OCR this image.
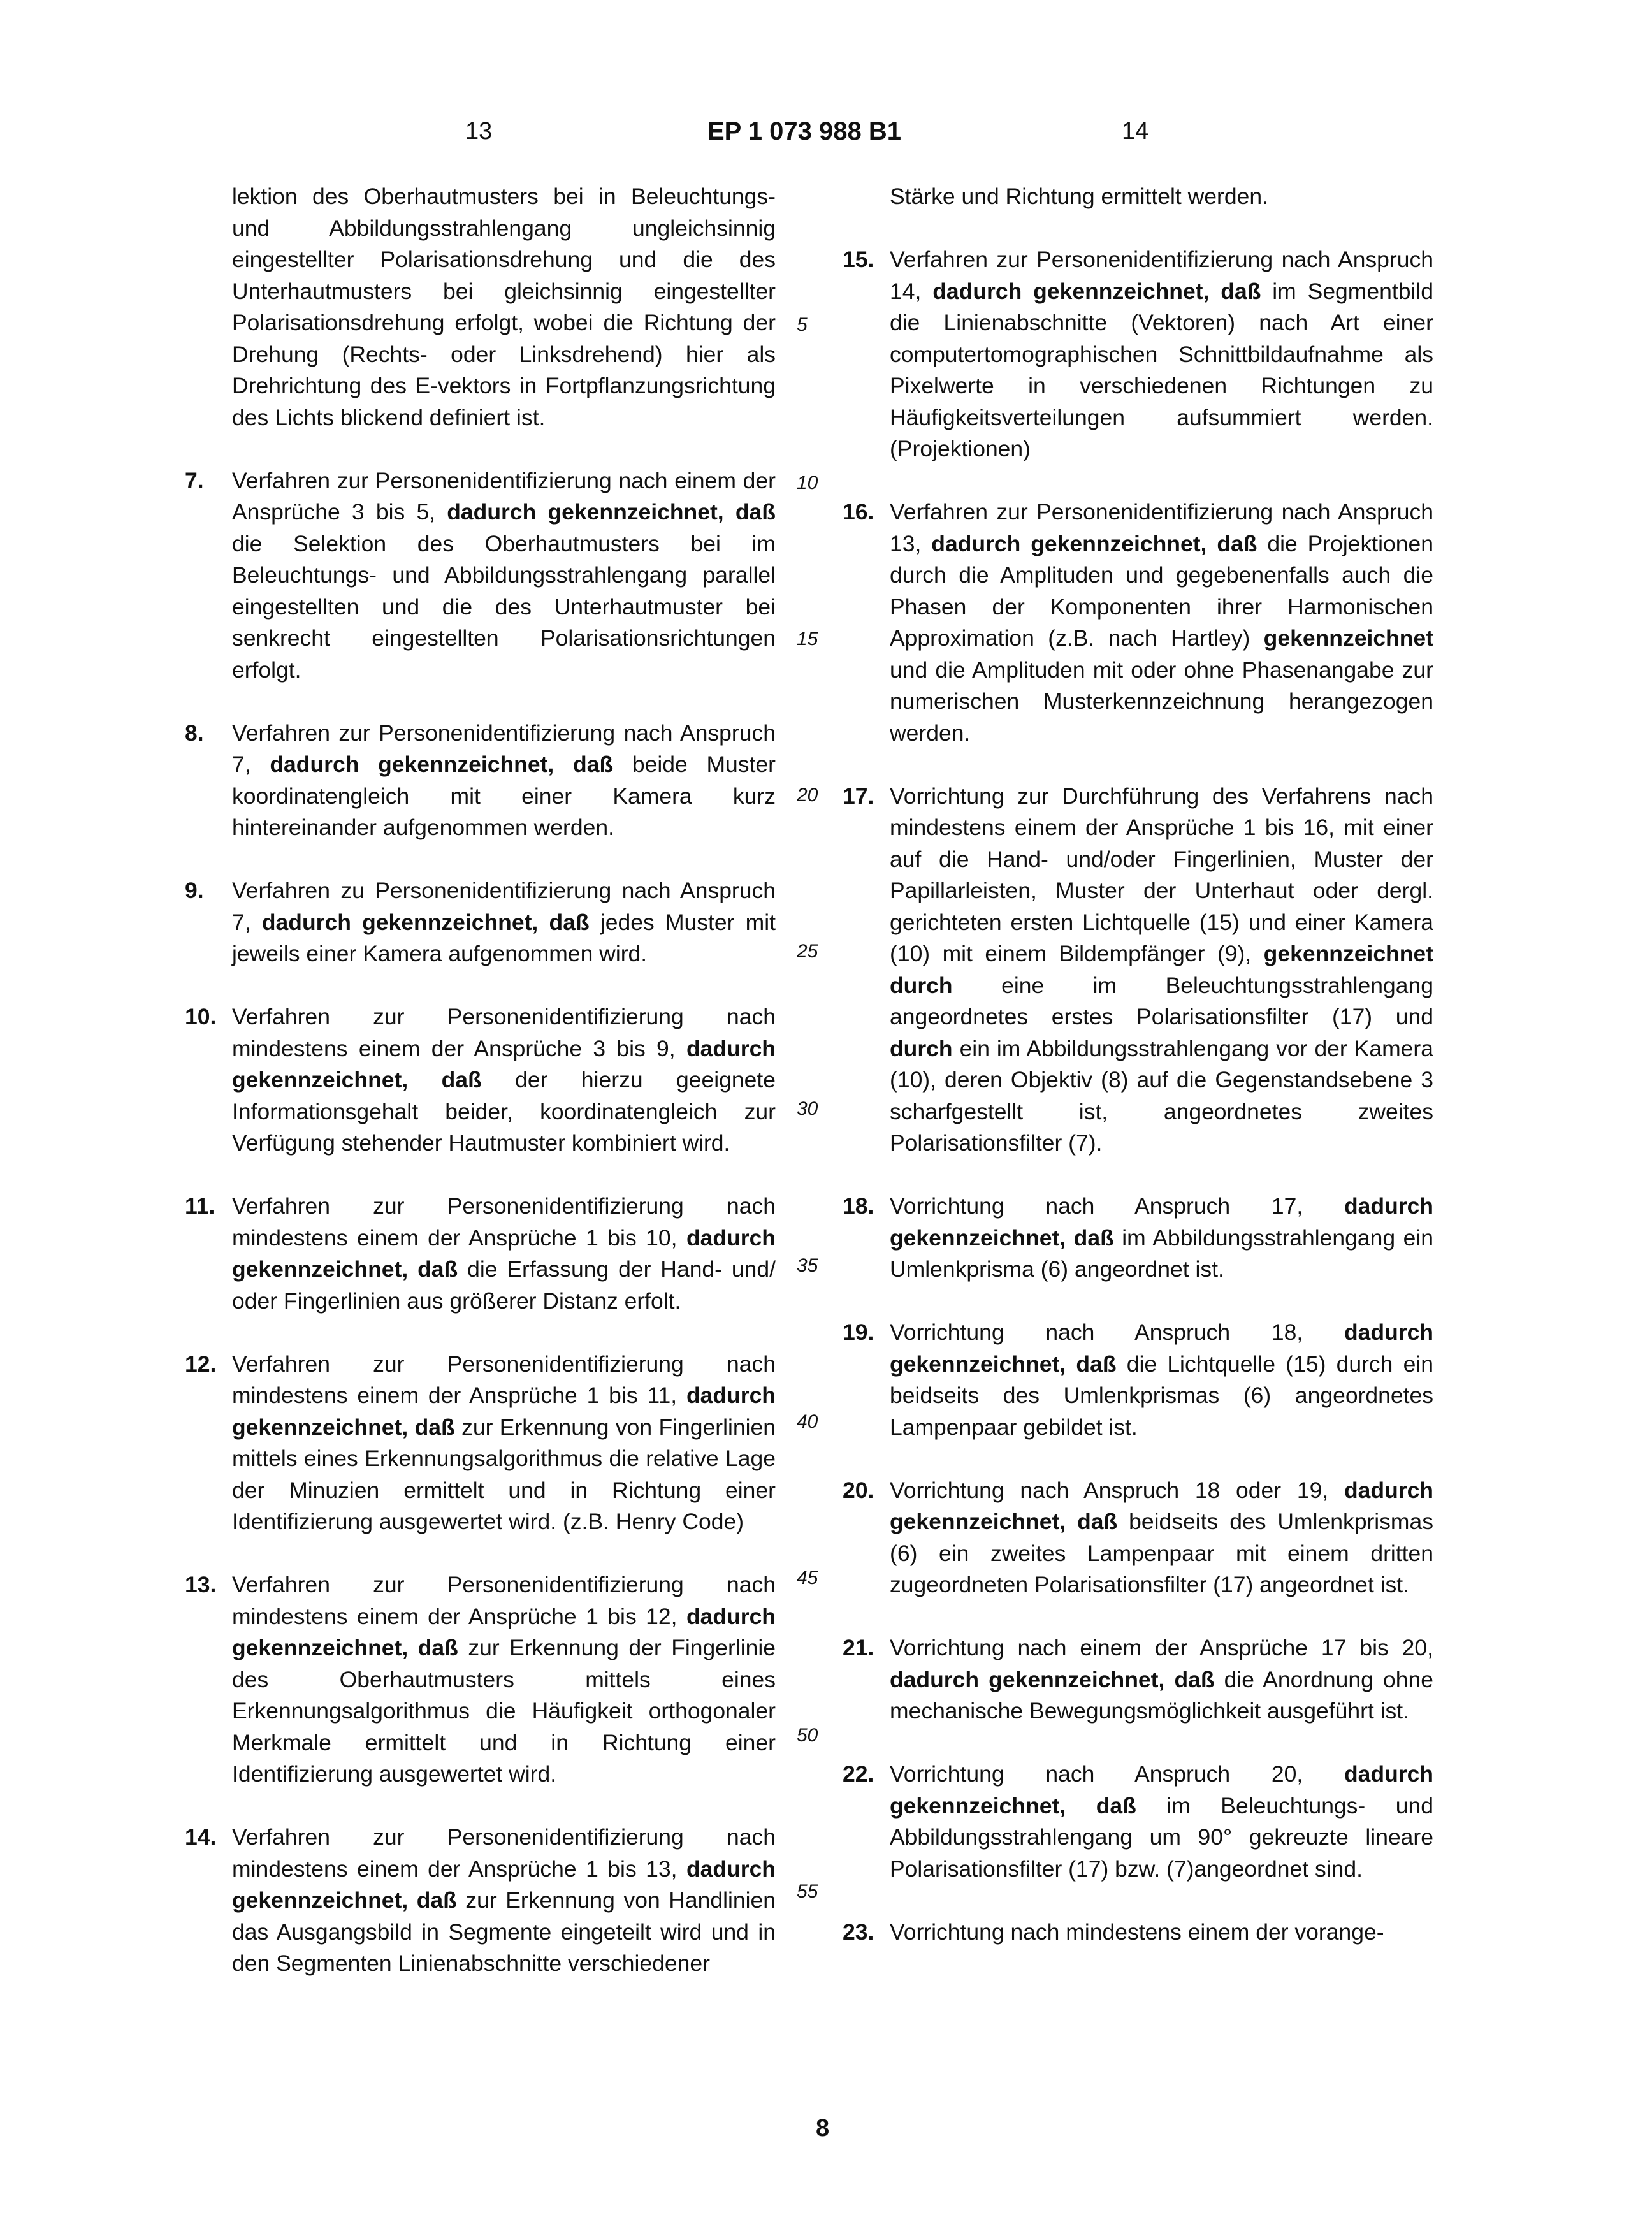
13	EP 1 073 988 B1	14
lektion des Oberhautmusters bei in Beleuchtungs- und Abbildungsstrahlengang ungleichsinnig eingestellter Polarisationsdrehung und die des Unterhautmusters bei gleichsinnig eingestellter Polarisationsdrehung erfolgt, wobei die Richtung der Drehung (Rechts- oder Linksdrehend) hier als Drehrichtung des E-vektors in Fortpflanzungsrichtung des Lichts blickend definiert ist.
7. Verfahren zur Personenidentifizierung nach einem der Ansprüche 3 bis 5, dadurch gekennzeichnet, daß die Selektion des Oberhautmusters bei im Beleuchtungs- und Abbildungsstrahlengang parallel eingestellten und die des Unterhautmuster bei senkrecht eingestellten Polarisationsrichtungen erfolgt.
8. Verfahren zur Personenidentifizierung nach Anspruch 7, dadurch gekennzeichnet, daß beide Muster koordinatengleich mit einer Kamera kurz hintereinander aufgenommen werden.
9. Verfahren zu Personenidentifizierung nach Anspruch 7, dadurch gekennzeichnet, daß jedes Muster mit jeweils einer Kamera aufgenommen wird.
10. Verfahren zur Personenidentifizierung nach mindestens einem der Ansprüche 3 bis 9, dadurch gekennzeichnet, daß der hierzu geeignete Informationsgehalt beider, koordinatengleich zur Verfügung stehender Hautmuster kombiniert wird.
11. Verfahren zur Personenidentifizierung nach mindestens einem der Ansprüche 1 bis 10, dadurch gekennzeichnet, daß die Erfassung der Hand- und/ oder Fingerlinien aus größerer Distanz erfolt.
12. Verfahren zur Personenidentifizierung nach mindestens einem der Ansprüche 1 bis 11, dadurch gekennzeichnet, daß zur Erkennung von Fingerlinien mittels eines Erkennungsalgorithmus die relative Lage der Minuzien ermittelt und in Richtung einer Identifizierung ausgewertet wird. (z.B. Henry Code)
13. Verfahren zur Personenidentifizierung nach mindestens einem der Ansprüche 1 bis 12, dadurch gekennzeichnet, daß zur Erkennung der Fingerlinie des Oberhautmusters mittels eines Erkennungsalgorithmus die Häufigkeit orthogonaler Merkmale ermittelt und in Richtung einer Identifizierung ausgewertet wird.
14. Verfahren zur Personenidentifizierung nach mindestens einem der Ansprüche 1 bis 13, dadurch gekennzeichnet, daß zur Erkennung von Handlinien das Ausgangsbild in Segmente eingeteilt wird und in den Segmenten Linienabschnitte verschiedener
Stärke und Richtung ermittelt werden.
15. Verfahren zur Personenidentifizierung nach Anspruch 14, dadurch gekennzeichnet, daß im Segmentbild die Linienabschnitte (Vektoren) nach Art einer computertomographischen Schnittbildaufnahme als Pixelwerte in verschiedenen Richtungen zu Häufigkeitsverteilungen aufsummiert werden. (Projektionen)
16. Verfahren zur Personenidentifizierung nach Anspruch 13, dadurch gekennzeichnet, daß die Projektionen durch die Amplituden und gegebenenfalls auch die Phasen der Komponenten ihrer Harmonischen Approximation (z.B. nach Hartley) gekennzeichnet und die Amplituden mit oder ohne Phasenangabe zur numerischen Musterkennzeichnung herangezogen werden.
17. Vorrichtung zur Durchführung des Verfahrens nach mindestens einem der Ansprüche 1 bis 16, mit einer auf die Hand- und/oder Fingerlinien, Muster der Papillarleisten, Muster der Unterhaut oder dergl. gerichteten ersten Lichtquelle (15) und einer Kamera (10) mit einem Bildempfänger (9), gekennzeichnet durch eine im Beleuchtungsstrahlengang angeordnetes erstes Polarisationsfilter (17) und durch ein im Abbildungsstrahlengang vor der Kamera (10), deren Objektiv (8) auf die Gegenstandsebene 3 scharfgestellt ist, angeordnetes zweites Polarisationsfilter (7).
18. Vorrichtung nach Anspruch 17, dadurch gekennzeichnet, daß im Abbildungsstrahlengang ein Umlenkprisma (6) angeordnet ist.
19. Vorrichtung nach Anspruch 18, dadurch gekennzeichnet, daß die Lichtquelle (15) durch ein beidseits des Umlenkprismas (6) angeordnetes Lampenpaar gebildet ist.
20. Vorrichtung nach Anspruch 18 oder 19, dadurch gekennzeichnet, daß beidseits des Umlenkprismas (6) ein zweites Lampenpaar mit einem dritten zugeordneten Polarisationsfilter (17) angeordnet ist.
21. Vorrichtung nach einem der Ansprüche 17 bis 20, dadurch gekennzeichnet, daß die Anordnung ohne mechanische Bewegungsmöglichkeit ausgeführt ist.
22. Vorrichtung nach Anspruch 20, dadurch gekennzeichnet, daß im Beleuchtungs- und Abbildungsstrahlengang um 90° gekreuzte lineare Polarisationsfilter (17) bzw. (7)angeordnet sind.
23. Vorrichtung nach mindestens einem der vorange-
5
10
15
20
25
30
35
40
45
50
55
8
